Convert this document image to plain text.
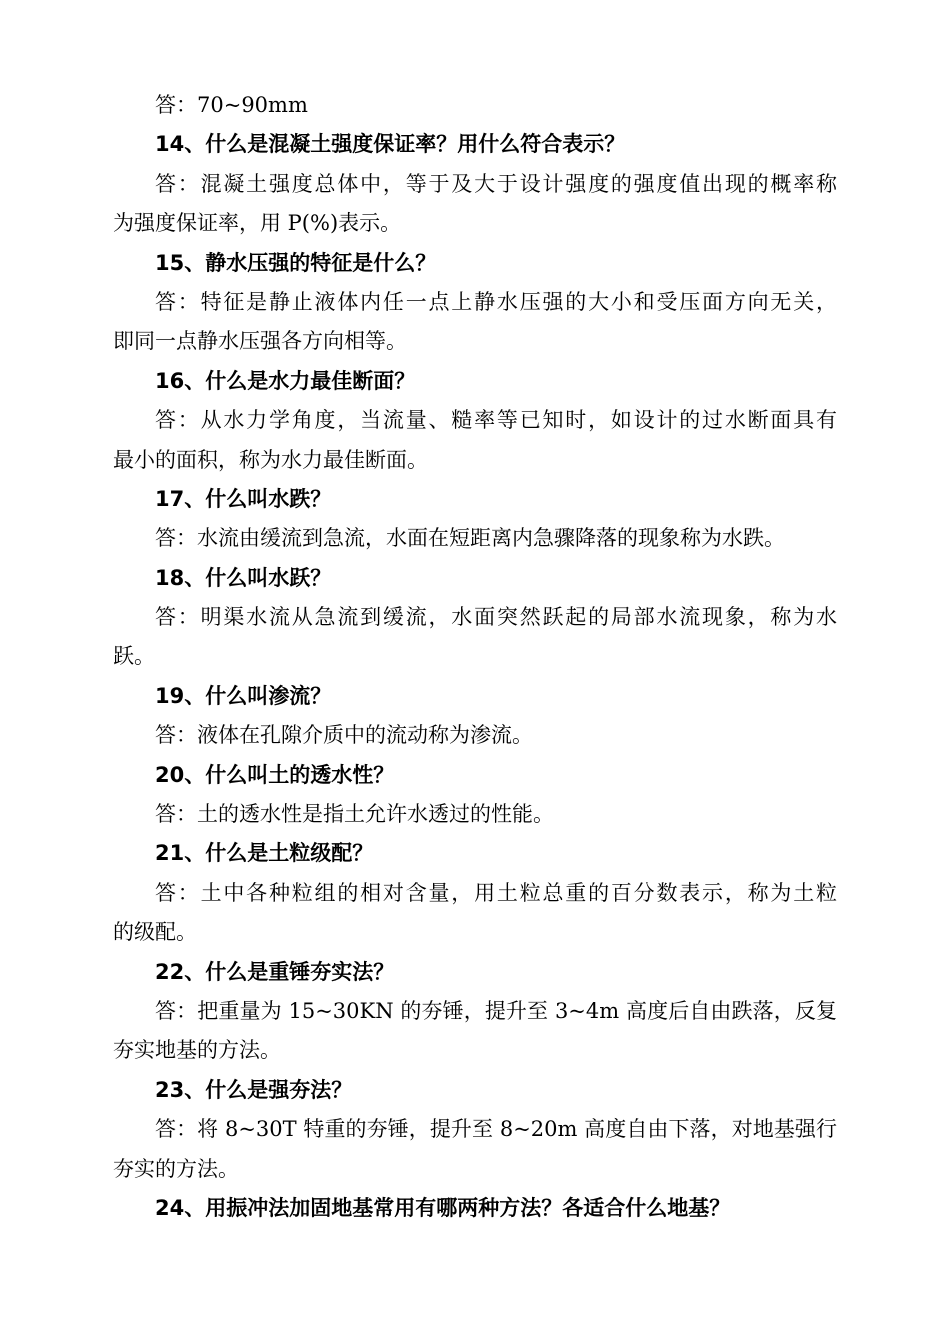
答：70~90mm

14、什么是混凝土强度保证率？用什么符合表示？

答：混凝土强度总体中，等于及大于设计强度的强度值出现的概率称

为强度保证率，用 P(%)表示。

15、静水压强的特征是什么？

答：特征是静止液体内任一点上静水压强的大小和受压面方向无关，

即同一点静水压强各方向相等。

16、什么是水力最佳断面？

答：从水力学角度，当流量、糙率等已知时，如设计的过水断面具有

最小的面积，称为水力最佳断面。

17、什么叫水跌？

答：水流由缓流到急流，水面在短距离内急骤降落的现象称为水跌。

18、什么叫水跃？

答：明渠水流从急流到缓流，水面突然跃起的局部水流现象，称为水

跃。

19、什么叫渗流？

答：液体在孔隙介质中的流动称为渗流。

20、什么叫土的透水性？

答：土的透水性是指土允许水透过的性能。

21、什么是土粒级配？

答：土中各种粒组的相对含量，用土粒总重的百分数表示，称为土粒

的级配。

22、什么是重锤夯实法？

答：把重量为 15~30KN 的夯锤，提升至 3~4m 高度后自由跌落，反复

夯实地基的方法。

23、什么是强夯法？

答：将 8~30T 特重的夯锤，提升至 8~20m 高度自由下落，对地基强行

夯实的方法。

24、用振冲法加固地基常用有哪两种方法？各适合什么地基？
